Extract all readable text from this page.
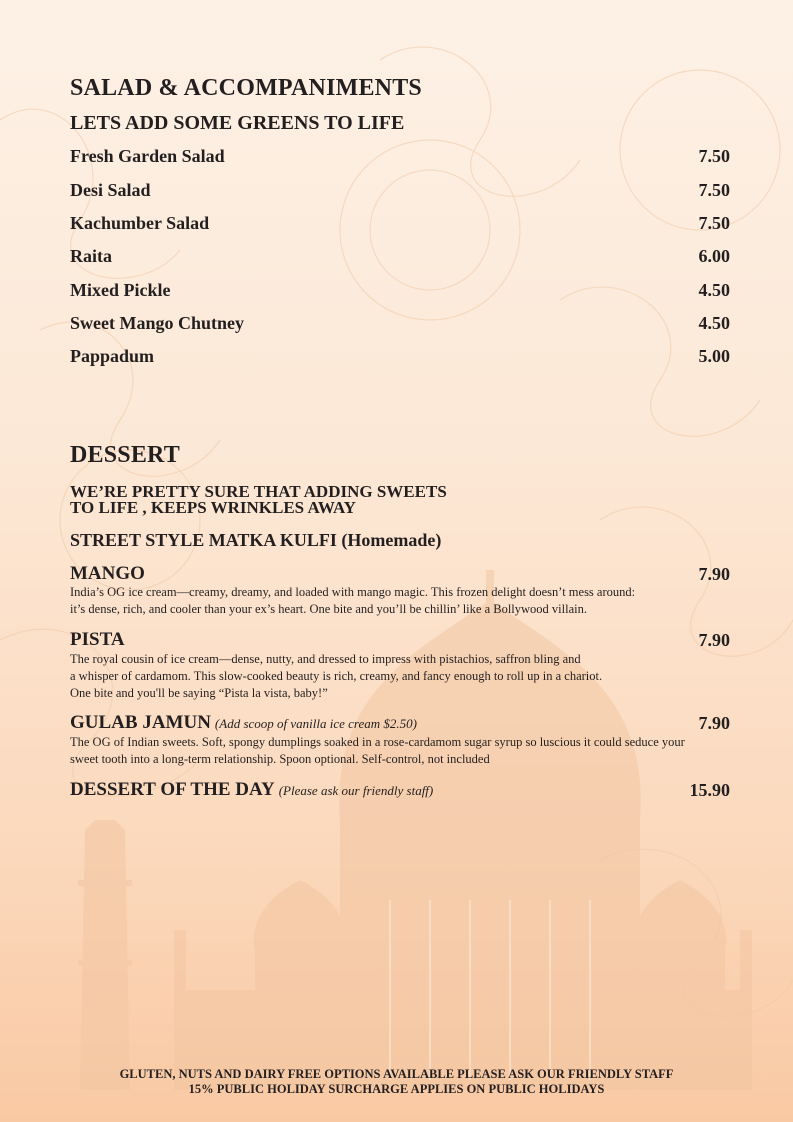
SALAD & ACCOMPANIMENTS
LETS ADD SOME GREENS TO LIFE
Fresh Garden Salad	7.50
Desi Salad	7.50
Kachumber Salad	7.50
Raita	6.00
Mixed Pickle	4.50
Sweet Mango Chutney	4.50
Pappadum	5.00
DESSERT
WE’RE PRETTY SURE THAT ADDING SWEETS
TO LIFE , KEEPS WRINKLES AWAY
STREET STYLE MATKA KULFI (Homemade)
MANGO	7.90
India’s OG ice cream—creamy, dreamy, and loaded with mango magic. This frozen delight doesn’t mess around:
it’s dense, rich, and cooler than your ex’s heart. One bite and you’ll be chillin’ like a Bollywood villain.
PISTA	7.90
The royal cousin of ice cream—dense, nutty, and dressed to impress with pistachios, saffron bling and
a whisper of cardamom. This slow-cooked beauty is rich, creamy, and fancy enough to roll up in a chariot.
One bite and you'll be saying “Pista la vista, baby!”
GULAB JAMUN (Add scoop of vanilla ice cream $2.50)	7.90
The OG of Indian sweets. Soft, spongy dumplings soaked in a rose-cardamom sugar syrup so luscious it could seduce your
sweet tooth into a long-term relationship. Spoon optional. Self-control, not included
DESSERT OF THE DAY (Please ask our friendly staff)	15.90
GLUTEN, NUTS AND DAIRY FREE OPTIONS AVAILABLE PLEASE ASK OUR FRIENDLY STAFF
15% PUBLIC HOLIDAY SURCHARGE APPLIES ON PUBLIC HOLIDAYS
